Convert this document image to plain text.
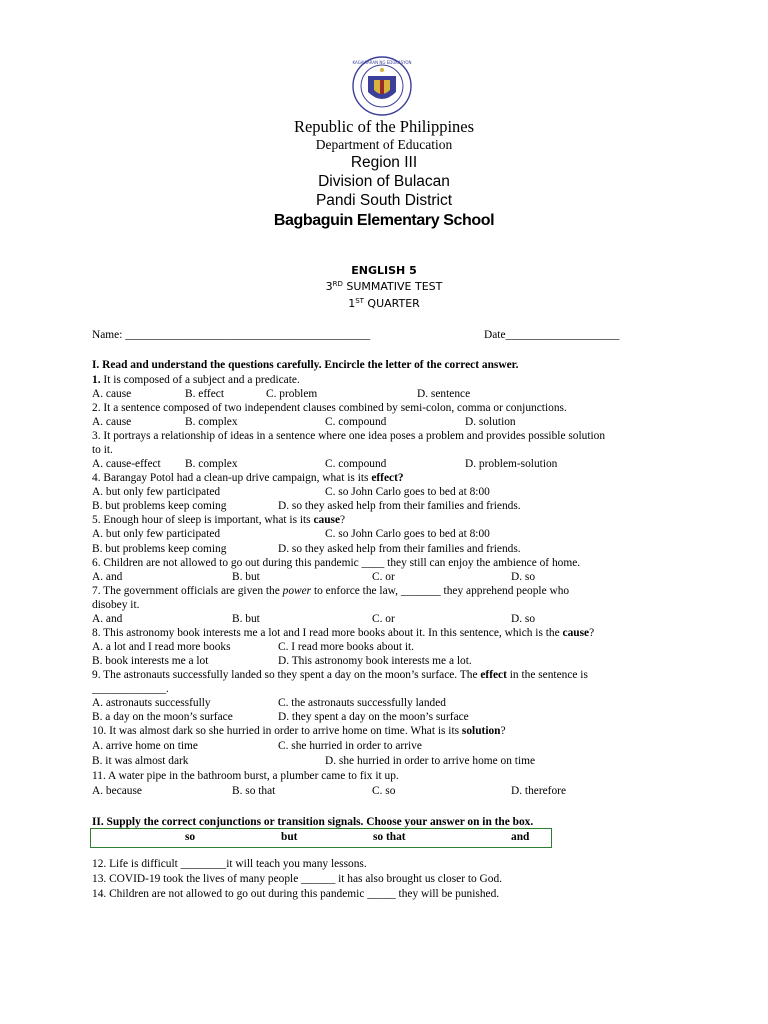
KAGAWARAN NG EDUKASYON
Republic of the Philippines
Department of Education
Region III
Division of Bulacan
Pandi South District
Bagbaguin Elementary School
ENGLISH 5
3RD SUMMATIVE TEST
1ST QUARTER
Name: ___________________________________________	Date____________________
I. Read and understand the questions carefully. Encircle the letter of the correct answer.
1. It is composed of a subject and a predicate.
A. cause	B. effect	C. problem	D. sentence
2. It a sentence composed of two independent clauses combined by semi-colon, comma or conjunctions.
A. cause	B. complex	C. compound	D. solution
3. It portrays a relationship of ideas in a sentence where one idea poses a problem and provides possible solution
to it.
A. cause-effect B. complex	C. compound	D. problem-solution
4. Barangay Potol had a clean-up drive campaign, what is its effect?
A. but only few participated	C. so John Carlo goes to bed at 8:00
B. but problems keep coming	D. so they asked help from their families and friends.
5. Enough hour of sleep is important, what is its cause?
A. but only few participated	C. so John Carlo goes to bed at 8:00
B. but problems keep coming	D. so they asked help from their families and friends.
6. Children are not allowed to go out during this pandemic ____ they still can enjoy the ambience of home.
A. and	B. but	C. or	D. so
7. The government officials are given the power to enforce the law, _______ they apprehend people who
disobey it.
A. and	B. but	C. or	D. so
8. This astronomy book interests me a lot and I read more books about it. In this sentence, which is the cause?
A. a lot and I read more books	C. I read more books about it.
B. book interests me a lot	D. This astronomy book interests me a lot.
9. The astronauts successfully landed so they spent a day on the moon’s surface. The effect in the sentence is
_____________.
A. astronauts successfully	C. the astronauts successfully landed
B. a day on the moon’s surface	D. they spent a day on the moon’s surface
10. It was almost dark so she hurried in order to arrive home on time. What is its solution?
A. arrive home on time	C. she hurried in order to arrive
B. it was almost dark	D. she hurried in order to arrive home on time
11. A water pipe in the bathroom burst, a plumber came to fix it up.
A. because	B. so that	C. so	D. therefore
II. Supply the correct conjunctions or transition signals. Choose your answer on in the box.
so	but	so that	and
12. Life is difficult ________it will teach you many lessons.
13. COVID-19 took the lives of many people ______ it has also brought us closer to God.
14. Children are not allowed to go out during this pandemic _____ they will be punished.
